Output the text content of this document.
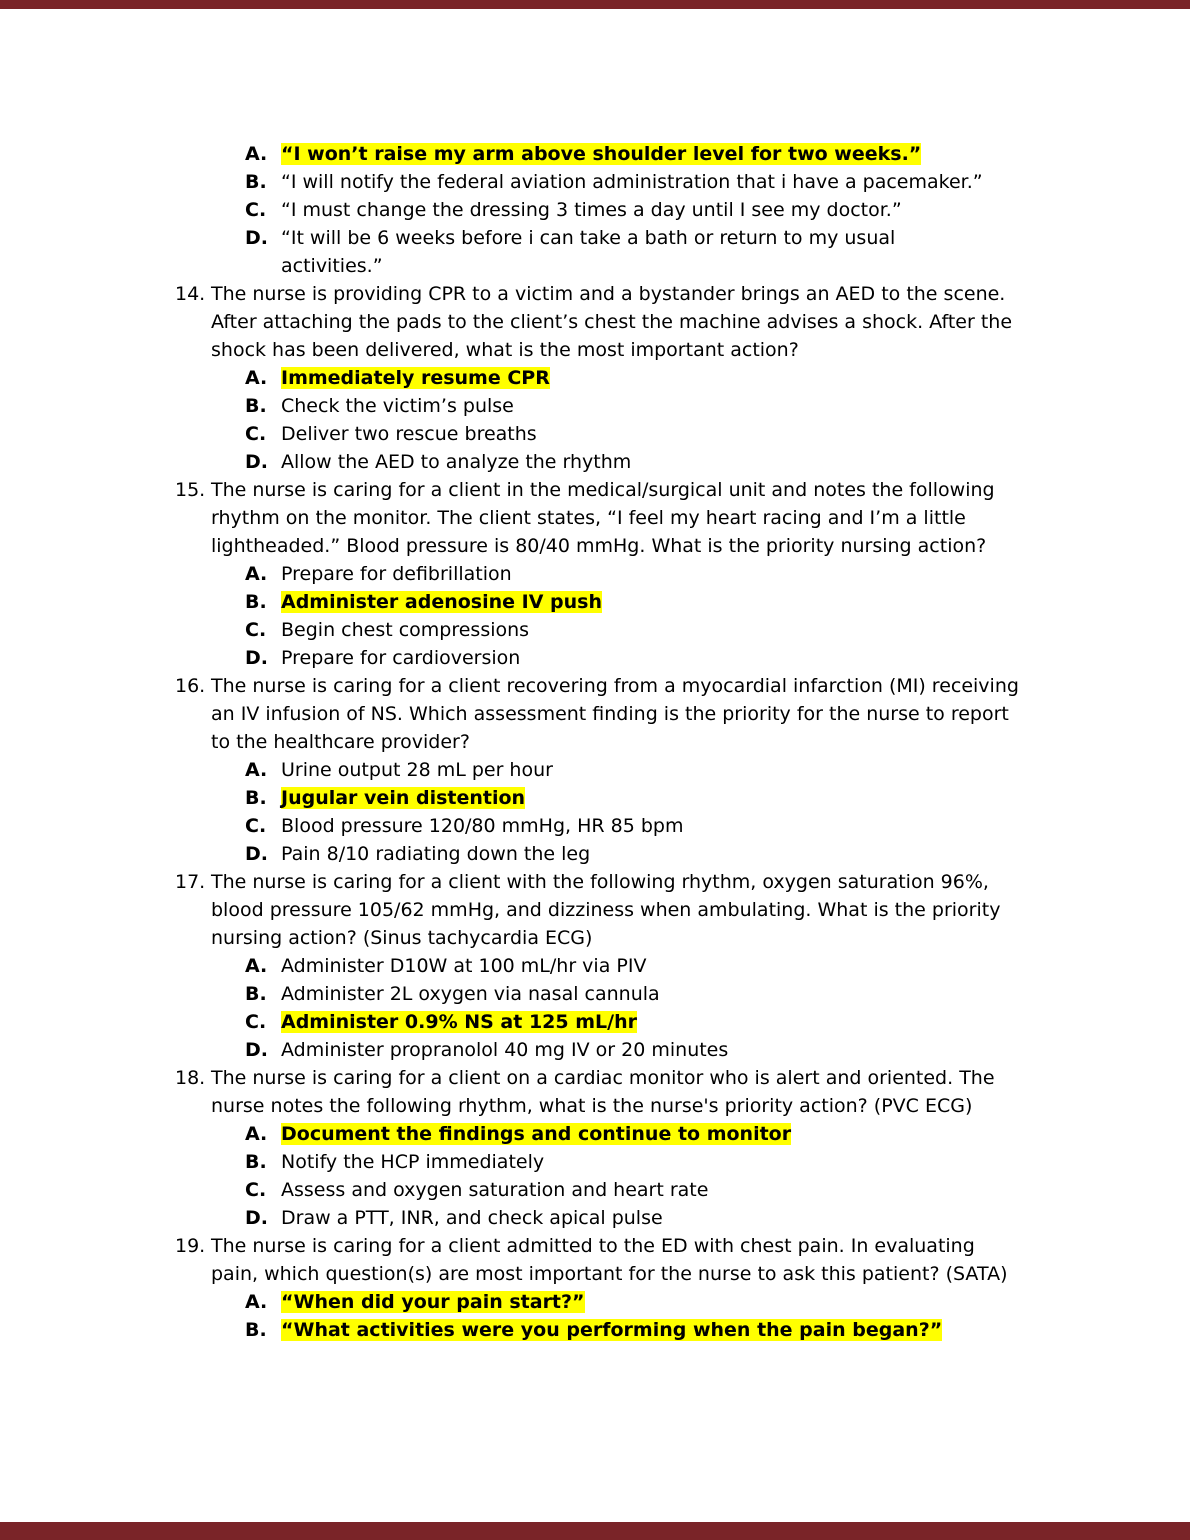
A. “I won’t raise my arm above shoulder level for two weeks.”
B. “I will notify the federal aviation administration that i have a pacemaker.”
C. “I must change the dressing 3 times a day until I see my doctor.”
D. “It will be 6 weeks before i can take a bath or return to my usual activities.”
14. The nurse is providing CPR to a victim and a bystander brings an AED to the scene. After attaching the pads to the client’s chest the machine advises a shock. After the shock has been delivered, what is the most important action?
A. Immediately resume CPR
B. Check the victim’s pulse
C. Deliver two rescue breaths
D. Allow the AED to analyze the rhythm
15. The nurse is caring for a client in the medical/surgical unit and notes the following rhythm on the monitor. The client states, “I feel my heart racing and I’m a little lightheaded.” Blood pressure is 80/40 mmHg. What is the priority nursing action?
A. Prepare for defibrillation
B. Administer adenosine IV push
C. Begin chest compressions
D. Prepare for cardioversion
16. The nurse is caring for a client recovering from a myocardial infarction (MI) receiving an IV infusion of NS. Which assessment finding is the priority for the nurse to report to the healthcare provider?
A. Urine output 28 mL per hour
B. Jugular vein distention
C. Blood pressure 120/80 mmHg, HR 85 bpm
D. Pain 8/10 radiating down the leg
17. The nurse is caring for a client with the following rhythm, oxygen saturation 96%, blood pressure 105/62 mmHg, and dizziness when ambulating. What is the priority nursing action? (Sinus tachycardia ECG)
A. Administer D10W at 100 mL/hr via PIV
B. Administer 2L oxygen via nasal cannula
C. Administer 0.9% NS at 125 mL/hr
D. Administer propranolol 40 mg IV or 20 minutes
18. The nurse is caring for a client on a cardiac monitor who is alert and oriented. The nurse notes the following rhythm, what is the nurse's priority action? (PVC ECG)
A. Document the findings and continue to monitor
B. Notify the HCP immediately
C. Assess and oxygen saturation and heart rate
D. Draw a PTT, INR, and check apical pulse
19. The nurse is caring for a client admitted to the ED with chest pain. In evaluating pain, which question(s) are most important for the nurse to ask this patient? (SATA)
A. “When did your pain start?”
B. “What activities were you performing when the pain began?”
